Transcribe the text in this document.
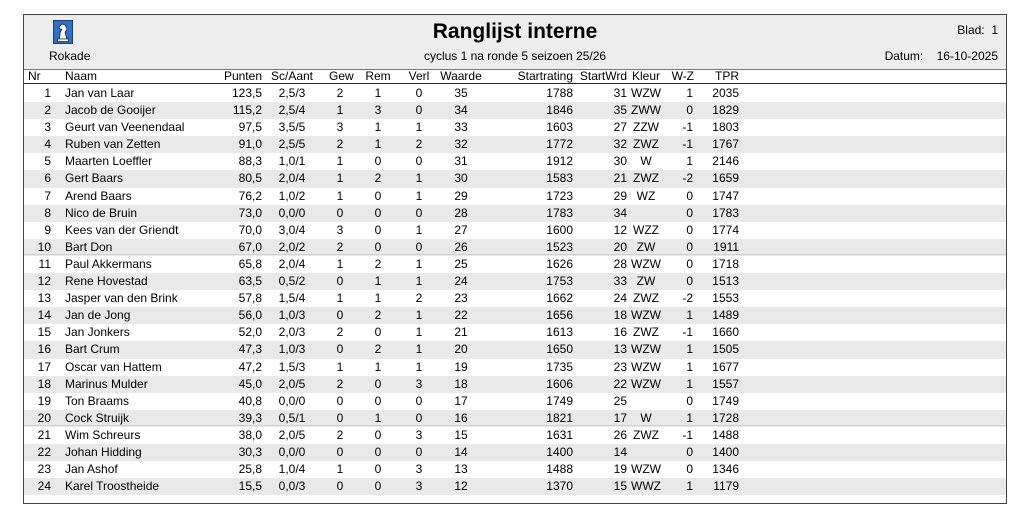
Rokade
Ranglijst interne
cyclus 1 na ronde 5 seizoen 25/26
Blad: 1
Datum: 16-10-2025
Nr	Naam	Punten Sc/Aant	Gew Rem	Verl Waarde	Startrating StartWrd Kleur W-Z	TPR
1 Jan van Laar	123,5	2,5/3	2	1	0	35	1788	31 WZW	1 2035
2 Jacob de Gooijer	115,2	2,5/4	1	3	0	34	1846	35 ZWW	0 1829
3 Geurt van Veenendaal	97,5	3,5/5	3	1	1	33	1603	27 ZZW	-1 1803
4 Ruben van Zetten	91,0	2,5/5	2	1	2	32	1772	32 ZWZ	-1 1767
5 Maarten Loeffler	88,3	1,0/1	1	0	0	31	1912	30	W	1 2146
6 Gert Baars	80,5	2,0/4	1	2	1	30	1583	21 ZWZ	-2 1659
7 Arend Baars	76,2	1,0/2	1	0	1	29	1723	29 WZ	0 1747
8 Nico de Bruin	73,0	0,0/0	0	0	0	28	1783	34	0 1783
9 Kees van der Griendt	70,0	3,0/4	3	0	1	27	1600	12 WZZ	0 1774
10 Bart Don	67,0	2,0/2	2	0	0	26	1523	20 ZW	0	1911
11 Paul Akkermans	65,8	2,0/4	1	2	1	25	1626	28 WZW	0 1718
12 Rene Hovestad	63,5	0,5/2	0	1	1	24	1753	33 ZW	0 1513
13 Jasper van den Brink	57,8	1,5/4	1	1	2	23	1662	24 ZWZ	-2 1553
14 Jan de Jong	56,0	1,0/3	0	2	1	22	1656	18 WZW	1 1489
15 Jan Jonkers	52,0	2,0/3	2	0	1	21	1613	16 ZWZ	-1 1660
16 Bart Crum	47,3	1,0/3	0	2	1	20	1650	13 WZW	1 1505
17 Oscar van Hattem	47,2	1,5/3	1	1	1	19	1735	23 WZW	1 1677
18 Marinus Mulder	45,0	2,0/5	2	0	3	18	1606	22 WZW	1 1557
19 Ton Braams	40,8	0,0/0	0	0	0	17	1749	25	0 1749
20 Cock Struijk	39,3	0,5/1	0	1	0	16	1821	17	W	1 1728
21 Wim Schreurs	38,0	2,0/5	2	0	3	15	1631	26 ZWZ	-1 1488
22 Johan Hidding	30,3	0,0/0	0	0	0	14	1400	14	0 1400
23 Jan Ashof	25,8	1,0/4	1	0	3	13	1488	19 WZW	0 1346
24 Karel Troostheide	15,5	0,0/3	0	0	3	12	1370	15 WWZ	1	1179
